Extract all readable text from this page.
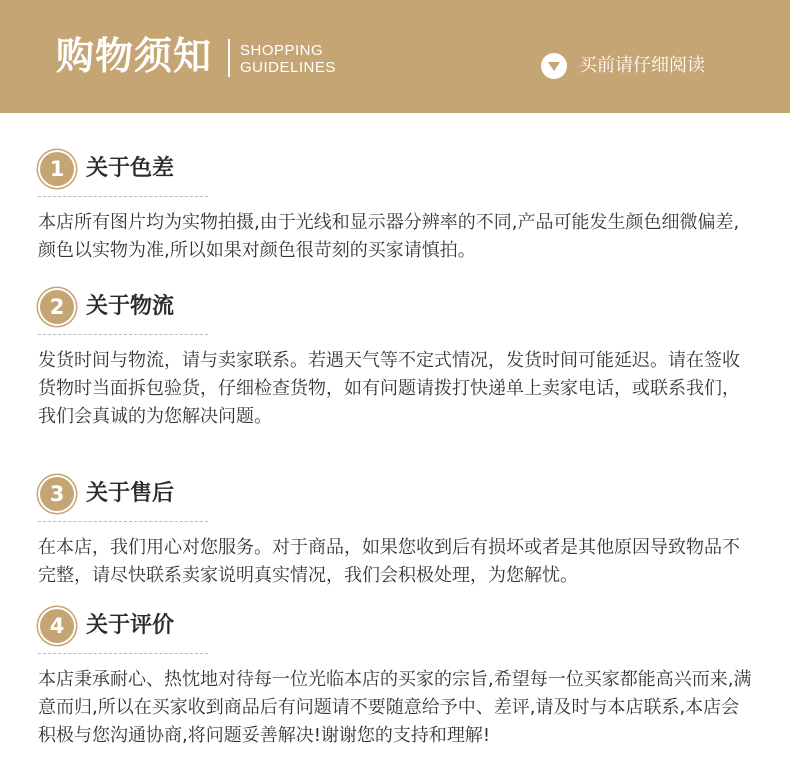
购物须知 SHOPPING
GUIDELINES	买前请仔细阅读
1 关于色差

本店所有图片均为实物拍摄,由于光线和显示器分辨率的不同,产品可能发生颜色细微偏差,颜色以实物为准,所以如果对颜色很苛刻的买家请慎拍。

2 关于物流

发货时间与物流，请与卖家联系。若遇天气等不定式情况，发货时间可能延迟。请在签收货物时当面拆包验货，仔细检查货物，如有问题请拨打快递单上卖家电话，或联系我们，我们会真诚的为您解决问题。

3 关于售后

在本店，我们用心对您服务。对于商品，如果您收到后有损坏或者是其他原因导致物品不完整，请尽快联系卖家说明真实情况，我们会积极处理，为您解忧。

4 关于评价

本店秉承耐心、热忱地对待每一位光临本店的买家的宗旨,希望每一位买家都能高兴而来,满意而归,所以在买家收到商品后有问题请不要随意给予中、差评,请及时与本店联系,本店会积极与您沟通协商,将问题妥善解决!谢谢您的支持和理解!
